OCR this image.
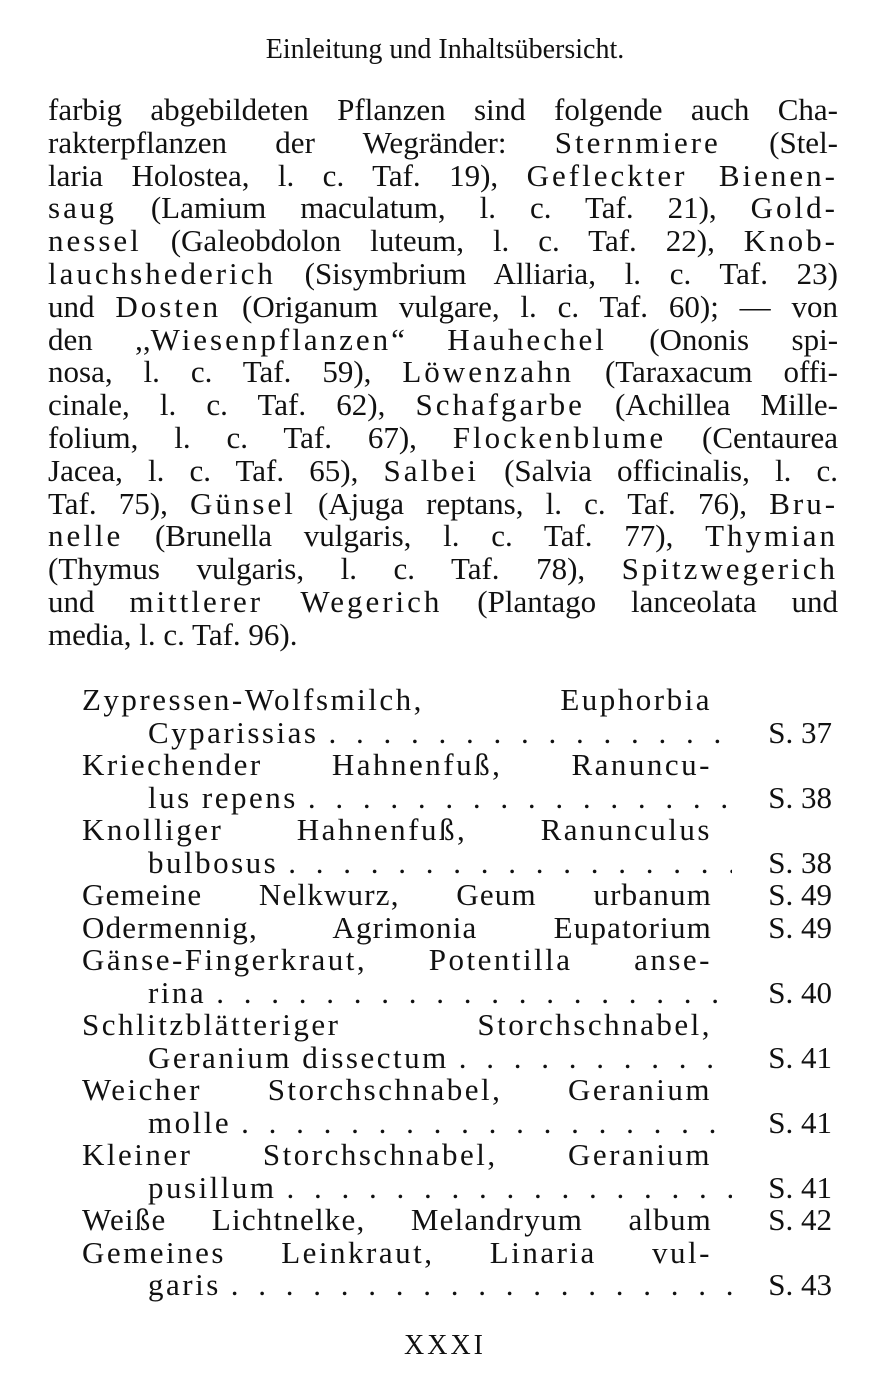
Einleitung und Inhaltsübersicht.
farbig abgebildeten Pflanzen sind folgende auch Cha-
rakterpflanzen der Wegränder: Sternmiere (Stel-
laria Holostea, l. c. Taf. 19), Gefleckter Bienen-
saug (Lamium maculatum, l. c. Taf. 21), Gold-
nessel (Galeobdolon luteum, l. c. Taf. 22), Knob-
lauchshederich (Sisymbrium Alliaria, l. c. Taf. 23)
und Dosten (Origanum vulgare, l. c. Taf. 60); — von
den ,,Wiesenpflanzen“ Hauhechel (Ononis spi-
nosa, l. c. Taf. 59), Löwenzahn (Taraxacum offi-
cinale, l. c. Taf. 62), Schafgarbe (Achillea Mille-
folium, l. c. Taf. 67), Flockenblume (Centaurea
Jacea, l. c. Taf. 65), Salbei (Salvia officinalis, l. c.
Taf. 75), Günsel (Ajuga reptans, l. c. Taf. 76), Bru-
nelle (Brunella vulgaris, l. c. Taf. 77), Thymian
(Thymus vulgaris, l. c. Taf. 78), Spitzwegerich
und mittlerer Wegerich (Plantago lanceolata und
media, l. c. Taf. 96).
Zypressen-Wolfsmilch, Euphorbia
Cyparissias . . .	S. 37
Kriechender Hahnenfuß, Ranuncu-
lus repens . . .	S. 38
Knolliger Hahnenfuß, Ranunculus
bulbosus . . .	S. 38
Gemeine Nelkwurz, Geum urbanum	S. 49
Odermennig, Agrimonia Eupatorium	S. 49
Gänse-Fingerkraut, Potentilla anse-
rina . . .	S. 40
Schlitzblätteriger Storchschnabel,
Geranium dissectum . . .	S. 41
Weicher Storchschnabel, Geranium
molle . . .	S. 41
Kleiner Storchschnabel, Geranium
pusillum . . .	S. 41
Weiße Lichtnelke, Melandryum album	S. 42
Gemeines Leinkraut, Linaria vul-
garis . . .	S. 43
XXXI
